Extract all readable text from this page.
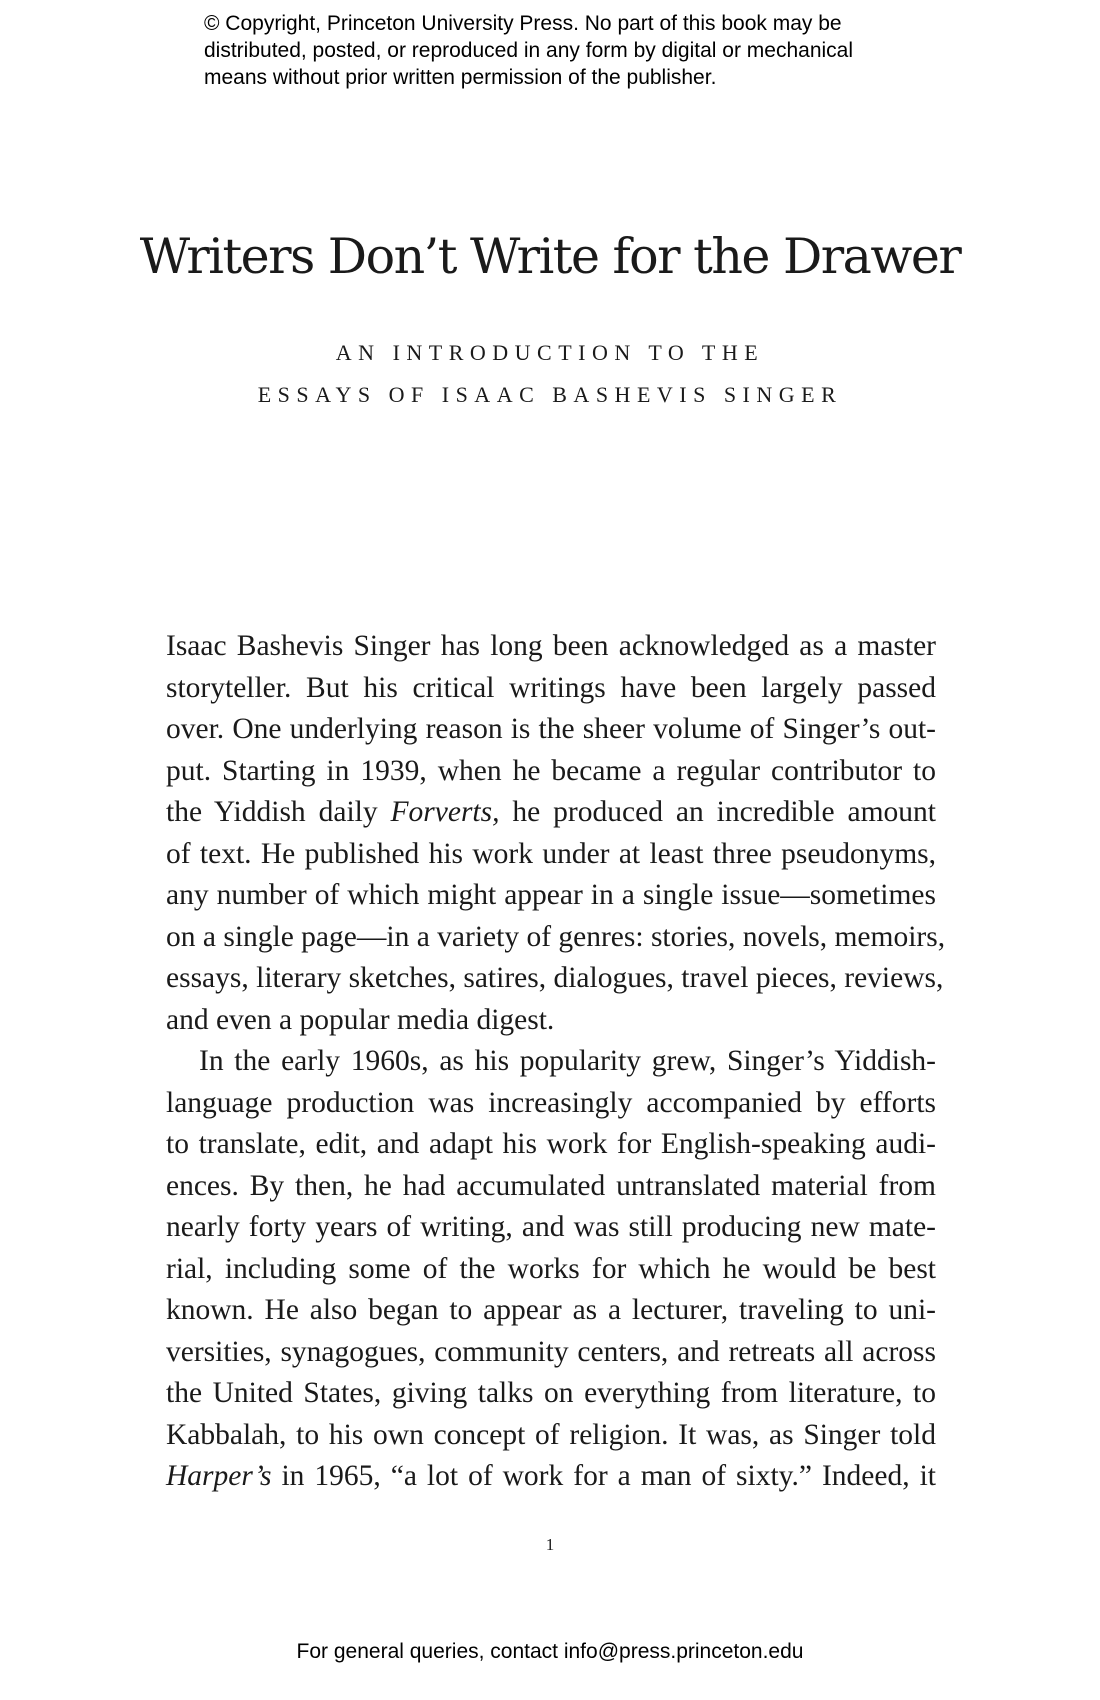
© Copyright, Princeton University Press. No part of this book may be
distributed, posted, or reproduced in any form by digital or mechanical
means without prior written permission of the publisher.
Writers Don’t Write for the Drawer
AN INTRODUCTION TO THE
ESSAYS OF ISAAC BASHEVIS SINGER
Isaac Bashevis Singer has long been acknowledged as a master
storyteller. But his critical writings have been largely passed
over. One underlying reason is the sheer volume of Singer’s out-
put. Starting in 1939, when he became a regular contributor to
the Yiddish daily Forverts, he produced an incredible amount
of text. He published his work under at least three pseudonyms,
any number of which might appear in a single issue—sometimes
on a single page—in a variety of genres: stories, novels, memoirs,
essays, literary sketches, satires, dialogues, travel pieces, reviews,
and even a popular media digest.
In the early 1960s, as his popularity grew, Singer’s Yiddish-
language production was increasingly accompanied by efforts
to translate, edit, and adapt his work for English-speaking audi-
ences. By then, he had accumulated untranslated material from
nearly forty years of writing, and was still producing new mate-
rial, including some of the works for which he would be best
known. He also began to appear as a lecturer, traveling to uni-
versities, synagogues, community centers, and retreats all across
the United States, giving talks on everything from literature, to
Kabbalah, to his own concept of religion. It was, as Singer told
Harper’s in 1965, “a lot of work for a man of sixty.” Indeed, it
1
For general queries, contact info@press.princeton.edu
